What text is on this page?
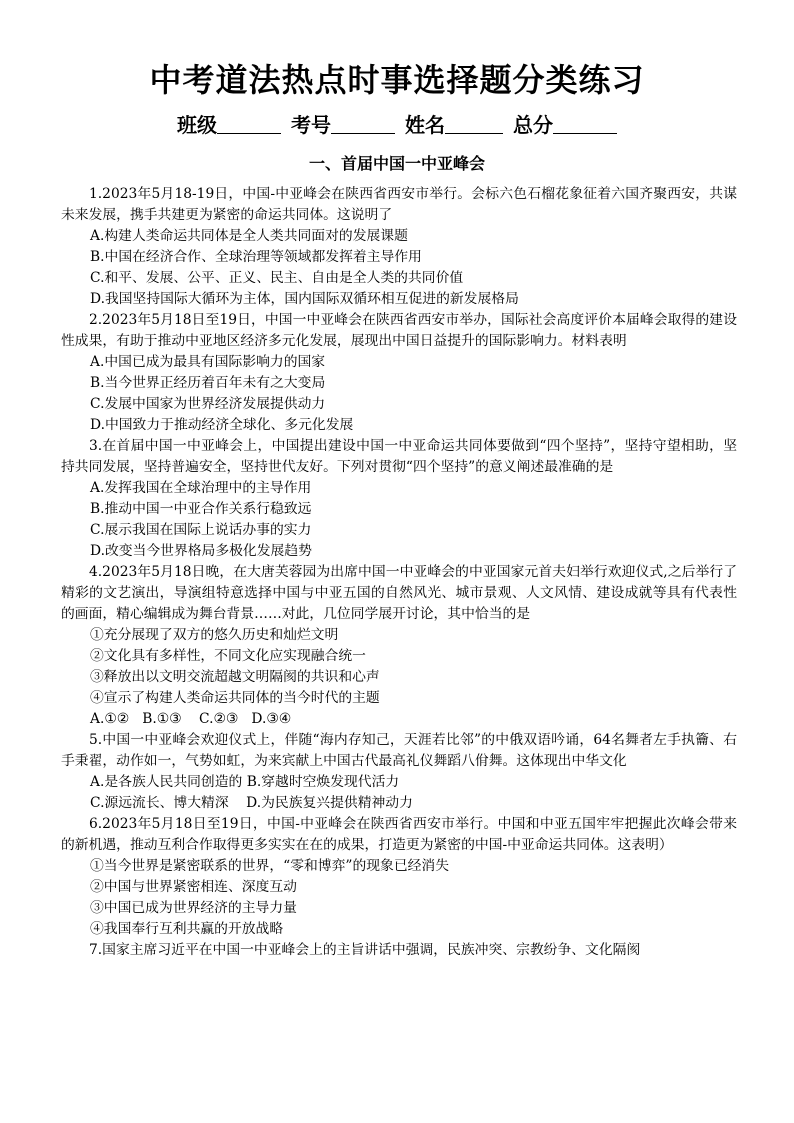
中考道法热点时事选择题分类练习
班级	考号	姓名	总分
一、首届中国一中亚峰会

1.2023年5月18-19日，中国-中亚峰会在陕西省西安市举行。会标六色石榴花象征着六国齐聚西安，共谋未来发展，携手共建更为紧密的命运共同体。这说明了

A.构建人类命运共同体是全人类共同面对的发展课题

B.中国在经济合作、全球治理等领域都发挥着主导作用

C.和平、发展、公平、正义、民主、自由是全人类的共同价值

D.我国坚持国际大循环为主体，国内国际双循环相互促进的新发展格局

2.2023年5月18日至19日，中国一中亚峰会在陕西省西安市举办，国际社会高度评价本届峰会取得的建设性成果，有助于推动中亚地区经济多元化发展，展现出中国日益提升的国际影响力。材料表明

A.中国已成为最具有国际影响力的国家

B.当今世界正经历着百年未有之大变局

C.发展中国家为世界经济发展提供动力

D.中国致力于推动经济全球化、多元化发展

3.在首届中国一中亚峰会上，中国提出建设中国一中亚命运共同体要做到“四个坚持”，坚持守望相助，坚持共同发展，坚持普遍安全，坚持世代友好。下列对贯彻“四个坚持”的意义阐述最准确的是

A.发挥我国在全球治理中的主导作用

B.推动中国一中亚合作关系行稳致远

C.展示我国在国际上说话办事的实力

D.改变当今世界格局多极化发展趋势

4.2023年5月18日晚，在大唐芙蓉园为出席中国一中亚峰会的中亚国家元首夫妇举行欢迎仪式,之后举行了精彩的文艺演出，导演组特意选择中国与中亚五国的自然风光、城市景观、人文风情、建设成就等具有代表性的画面，精心编辑成为舞台背景……对此，几位同学展开讨论，其中恰当的是

①充分展现了双方的悠久历史和灿烂文明

②文化具有多样性，不同文化应实现融合统一

③释放出以文明交流超越文明隔阂的共识和心声

④宣示了构建人类命运共同体的当今时代的主题

A.①②   B.①③    C.②③   D.③④

5.中国一中亚峰会欢迎仪式上，伴随“海内存知己，天涯若比邻”的中俄双语吟诵，64名舞者左手执籥、右手秉翟，动作如一，气势如虹，为来宾献上中国古代最高礼仪舞蹈八佾舞。这体现出中华文化

A.是各族人民共同创造的 B.穿越时空焕发现代活力

C.源远流长、博大精深    D.为民族复兴提供精神动力

6.2023年5月18日至19日，中国-中亚峰会在陕西省西安市举行。中国和中亚五国牢牢把握此次峰会带来的新机遇，推动互利合作取得更多实实在在的成果，打造更为紧密的中国-中亚命运共同体。这表明）

①当今世界是紧密联系的世界，“零和博弈”的现象已经消失

②中国与世界紧密相连、深度互动

③中国已成为世界经济的主导力量

④我国奉行互利共赢的开放战略

7.国家主席习近平在中国一中亚峰会上的主旨讲话中强调，民族冲突、宗教纷争、文化隔阂
